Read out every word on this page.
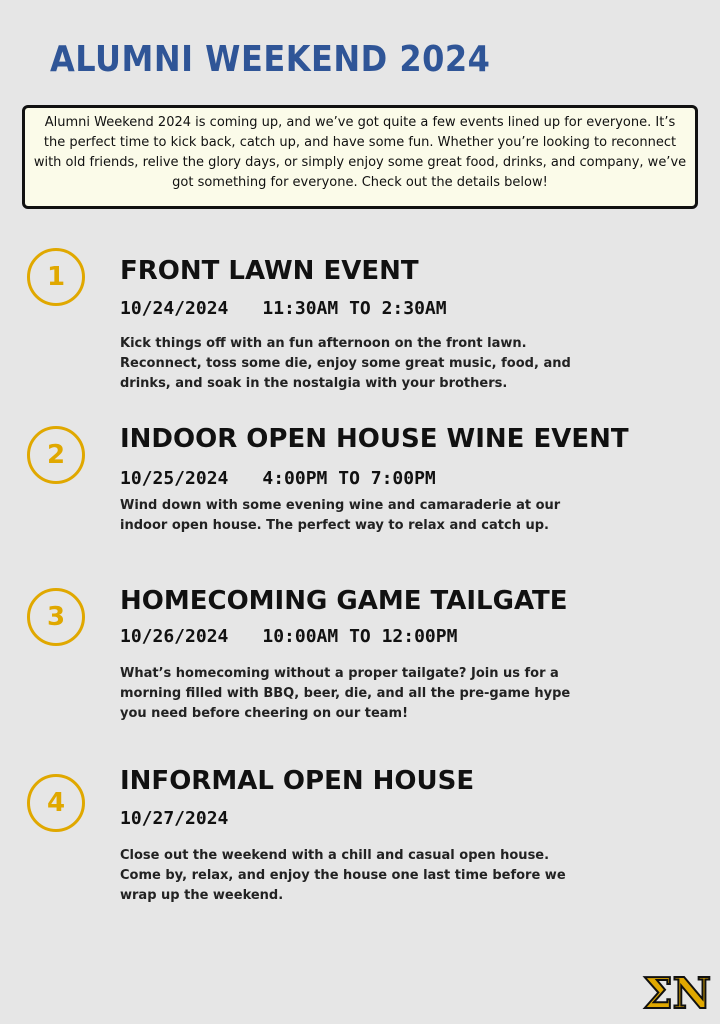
ALUMNI WEEKEND 2024
Alumni Weekend 2024 is coming up, and we’ve got quite a few events lined up for everyone. It’s the perfect time to kick back, catch up, and have some fun. Whether you’re looking to reconnect with old friends, relive the glory days, or simply enjoy some great food, drinks, and company, we’ve got something for everyone. Check out the details below!
1 FRONT LAWN EVENT
10/24/2024 11:30AM TO 2:30AM
Kick things off with an fun afternoon on the front lawn. Reconnect, toss some die, enjoy some great music, food, and drinks, and soak in the nostalgia with your brothers.
2
INDOOR OPEN HOUSE WINE EVENT
10/25/2024 4:00PM TO 7:00PM
Wind down with some evening wine and camaraderie at our indoor open house. The perfect way to relax and catch up.
3
HOMECOMING GAME TAILGATE
10/26/2024 10:00AM TO 12:00PM
What’s homecoming without a proper tailgate? Join us for a morning filled with BBQ, beer, die, and all the pre-game hype you need before cheering on our team!
4
INFORMAL OPEN HOUSE
10/27/2024
Close out the weekend with a chill and casual open house. Come by, relax, and enjoy the house one last time before we wrap up the weekend.
ΣN
